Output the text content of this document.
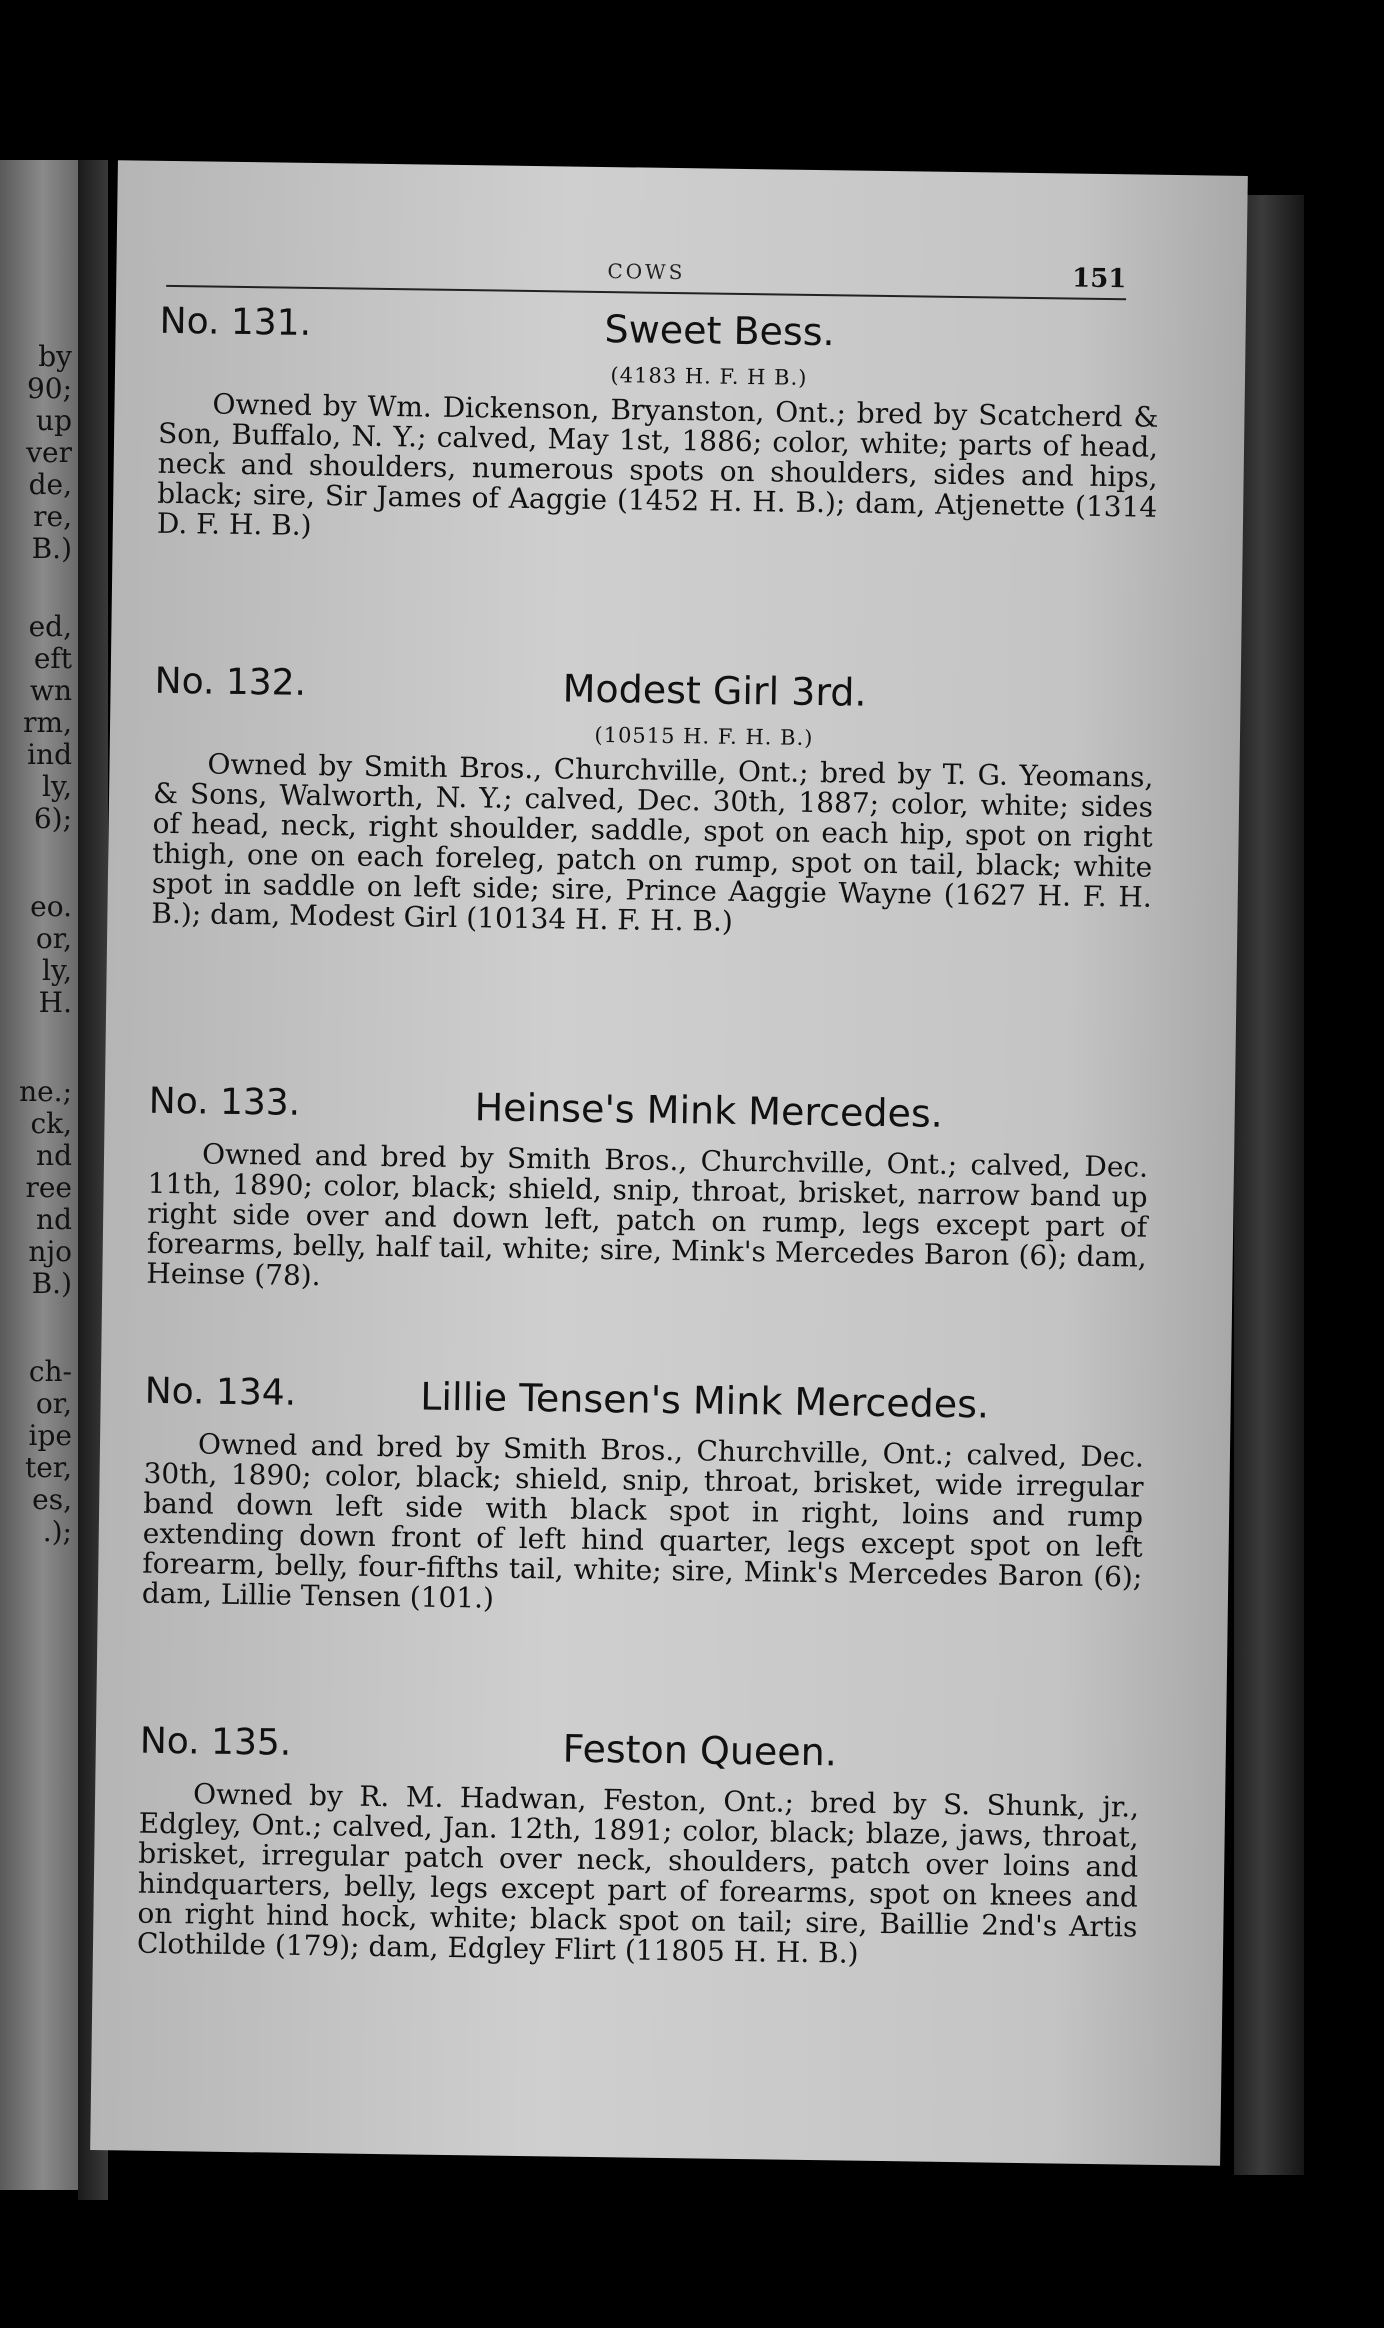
by
90;
up
ver
de,
re,
B.)
ed,
eft
wn
rm,
ind
ly,
6);
eo.
or,
ly,
H.
ne.;
ck,
nd
ree
nd
njo
B.)
ch-
or,
ipe
ter,
es,
.);
COWS	151
No. 131.	Sweet Bess.
(4183 H. F. H B.)
Owned by Wm. Dickenson, Bryanston, Ont.; bred by Scatcherd & Son, Buffalo, N. Y.; calved, May 1st, 1886; color, white; parts of head, neck and shoulders, numerous spots on shoulders, sides and hips, black; sire, Sir James of Aaggie (1452 H. H. B.); dam, Atjenette (1314 D. F. H. B.)
No. 132.	Modest Girl 3rd.
(10515 H. F. H. B.)
Owned by Smith Bros., Churchville, Ont.; bred by T. G. Yeomans, & Sons, Walworth, N. Y.; calved, Dec. 30th, 1887; color, white; sides of head, neck, right shoulder, saddle, spot on each hip, spot on right thigh, one on each foreleg, patch on rump, spot on tail, black; white spot in saddle on left side; sire, Prince Aaggie Wayne (1627 H. F. H. B.); dam, Modest Girl (10134 H. F. H. B.)
No. 133.	Heinse's Mink Mercedes.
Owned and bred by Smith Bros., Churchville, Ont.; calved, Dec. 11th, 1890; color, black; shield, snip, throat, brisket, narrow band up right side over and down left, patch on rump, legs except part of forearms, belly, half tail, white; sire, Mink's Mercedes Baron (6); dam, Heinse (78).
No. 134.	Lillie Tensen's Mink Mercedes.
Owned and bred by Smith Bros., Churchville, Ont.; calved, Dec. 30th, 1890; color, black; shield, snip, throat, brisket, wide irregular band down left side with black spot in right, loins and rump extending down front of left hind quarter, legs except spot on left forearm, belly, four-fifths tail, white; sire, Mink's Mercedes Baron (6); dam, Lillie Tensen (101.)
No. 135.	Feston Queen.
Owned by R. M. Hadwan, Feston, Ont.; bred by S. Shunk, jr., Edgley, Ont.; calved, Jan. 12th, 1891; color, black; blaze, jaws, throat, brisket, irregular patch over neck, shoulders, patch over loins and hindquarters, belly, legs except part of forearms, spot on knees and on right hind hock, white; black spot on tail; sire, Baillie 2nd's Artis Clothilde (179); dam, Edgley Flirt (11805 H. H. B.)
